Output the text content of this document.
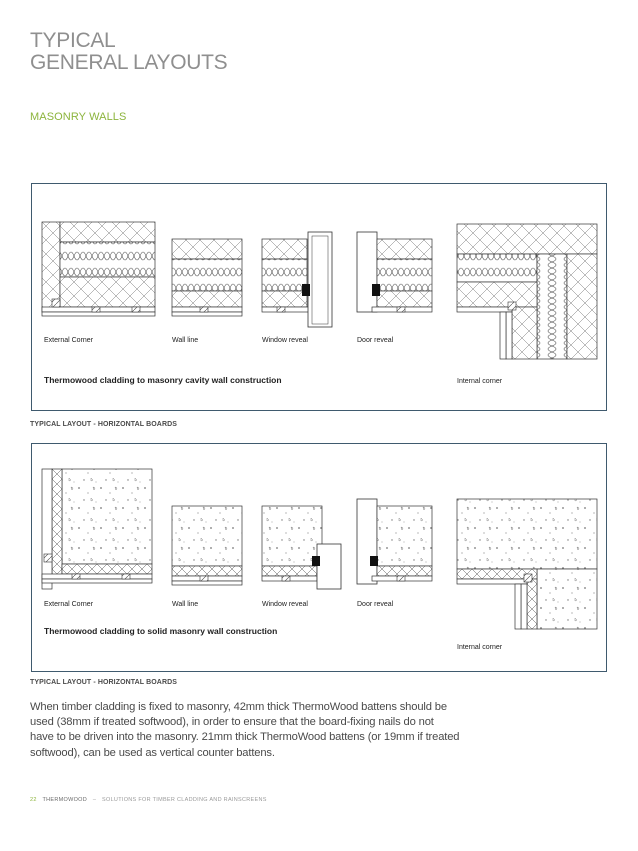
TYPICAL
GENERAL LAYOUTS
MASONRY WALLS
External Corner	Wall line	Window reveal	Door reveal
Thermowood cladding to masonry cavity wall construction	Internal corner

TYPICAL LAYOUT - HORIZONTAL BOARDS

External Corner	Wall line	Window reveal	Door reveal
Thermowood cladding to solid masonry wall construction
Internal corner

TYPICAL LAYOUT - HORIZONTAL BOARDS

When timber cladding is fixed to masonry, 42mm thick ThermoWood battens should be used (38mm if treated softwood), in order to ensure that the board-fixing nails do not have to be driven into the masonry. 21mm thick ThermoWood battens (or 19mm if treated softwood), can be used as vertical counter battens.

22 THERMOWOOD – SOLUTIONS FOR TIMBER CLADDING AND RAINSCREENS
